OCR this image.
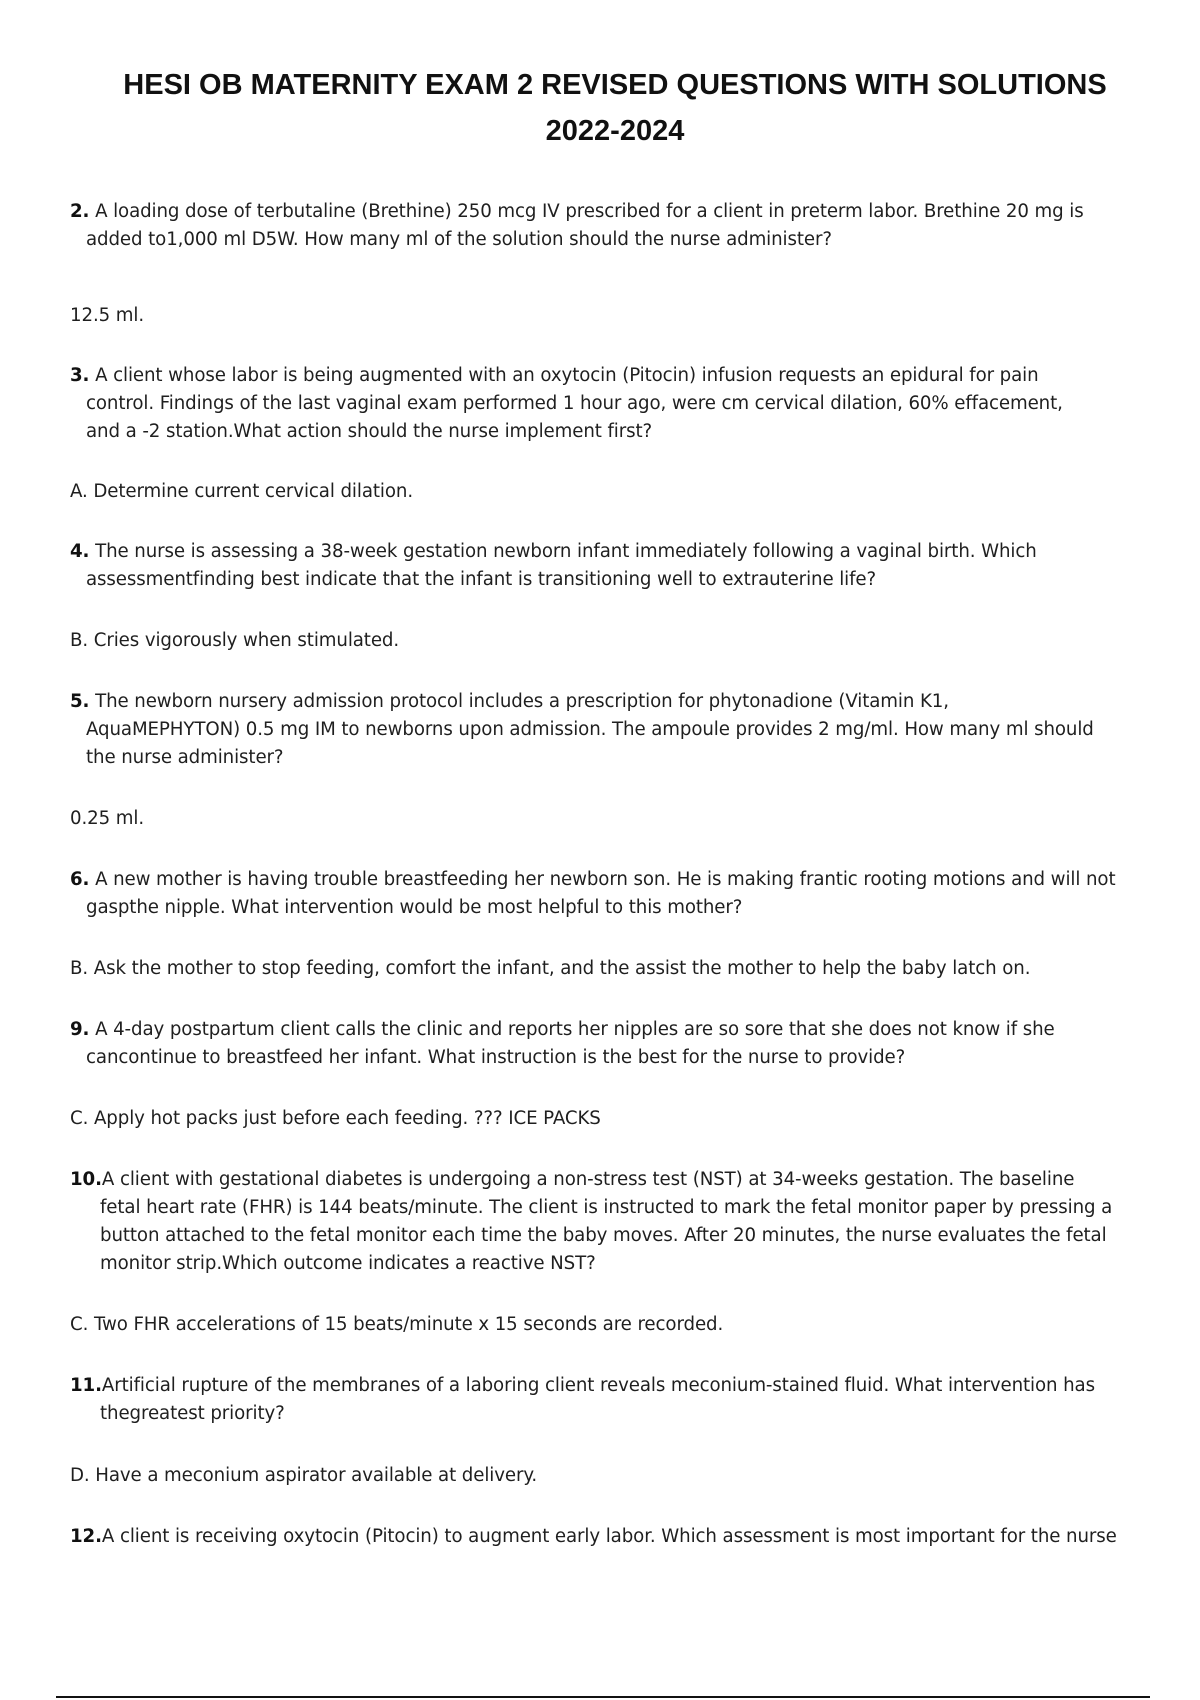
HESI OB MATERNITY EXAM 2 REVISED QUESTIONS WITH SOLUTIONS
2022-2024
2. A loading dose of terbutaline (Brethine) 250 mcg IV prescribed for a client in preterm labor. Brethine 20 mg is
added to1,000 ml D5W. How many ml of the solution should the nurse administer?
12.5 ml.
3. A client whose labor is being augmented with an oxytocin (Pitocin) infusion requests an epidural for pain
control. Findings of the last vaginal exam performed 1 hour ago, were cm cervical dilation, 60% effacement,
and a -2 station.What action should the nurse implement first?
A. Determine current cervical dilation.
4. The nurse is assessing a 38-week gestation newborn infant immediately following a vaginal birth. Which
assessmentfinding best indicate that the infant is transitioning well to extrauterine life?
B. Cries vigorously when stimulated.
5. The newborn nursery admission protocol includes a prescription for phytonadione (Vitamin K1,
AquaMEPHYTON) 0.5 mg IM to newborns upon admission. The ampoule provides 2 mg/ml. How many ml should
the nurse administer?
0.25 ml.
6. A new mother is having trouble breastfeeding her newborn son. He is making frantic rooting motions and will not
gaspthe nipple. What intervention would be most helpful to this mother?
B. Ask the mother to stop feeding, comfort the infant, and the assist the mother to help the baby latch on.
9. A 4-day postpartum client calls the clinic and reports her nipples are so sore that she does not know if she
cancontinue to breastfeed her infant. What instruction is the best for the nurse to provide?
C. Apply hot packs just before each feeding. ??? ICE PACKS
10.A client with gestational diabetes is undergoing a non-stress test (NST) at 34-weeks gestation. The baseline
fetal heart rate (FHR) is 144 beats/minute. The client is instructed to mark the fetal monitor paper by pressing a
button attached to the fetal monitor each time the baby moves. After 20 minutes, the nurse evaluates the fetal
monitor strip.Which outcome indicates a reactive NST?
C. Two FHR accelerations of 15 beats/minute x 15 seconds are recorded.
11.Artificial rupture of the membranes of a laboring client reveals meconium-stained fluid. What intervention has
thegreatest priority?
D. Have a meconium aspirator available at delivery.
12.A client is receiving oxytocin (Pitocin) to augment early labor. Which assessment is most important for the nurse
